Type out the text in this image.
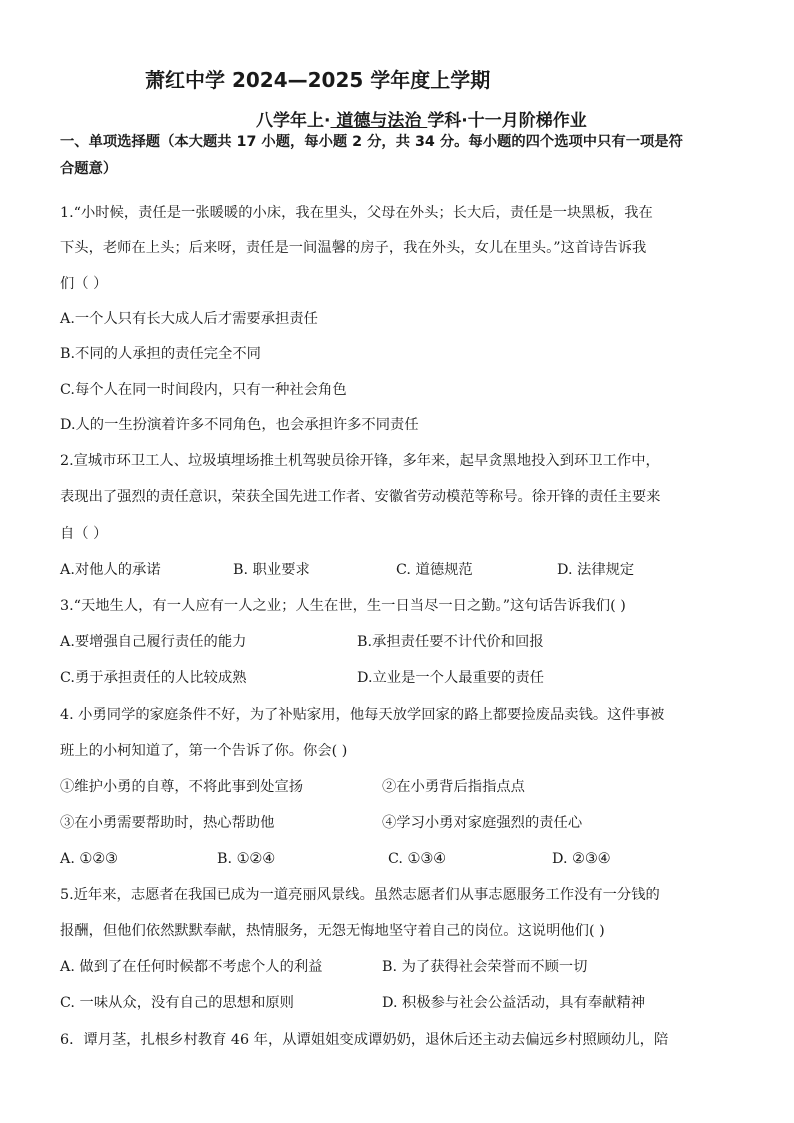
萧红中学 2024—2025 学年度上学期
八学年上· 道德与法治 学科·十一月阶梯作业
一、单项选择题（本大题共 17 小题，每小题 2 分，共 34 分。每小题的四个选项中只有一项是符
合题意）
1.“小时候，责任是一张暖暖的小床，我在里头，父母在外头；长大后，责任是一块黑板，我在
下头，老师在上头；后来呀，责任是一间温馨的房子，我在外头，女儿在里头。”这首诗告诉我
们（ ）
A.一个人只有长大成人后才需要承担责任
B.不同的人承担的责任完全不同
C.每个人在同一时间段内，只有一种社会角色
D.人的一生扮演着许多不同角色，也会承担许多不同责任
2.宣城市环卫工人、垃圾填埋场推土机驾驶员徐开锋，多年来，起早贪黑地投入到环卫工作中，
表现出了强烈的责任意识，荣获全国先进工作者、安徽省劳动模范等称号。徐开锋的责任主要来
自（ ）
A.对他人的承诺	B. 职业要求	C. 道德规范	D. 法律规定
3.“天地生人，有一人应有一人之业；人生在世，生一日当尽一日之勤。”这句话告诉我们( )
A.要增强自己履行责任的能力	B.承担责任要不计代价和回报
C.勇于承担责任的人比较成熟	D.立业是一个人最重要的责任
4. 小勇同学的家庭条件不好，为了补贴家用，他每天放学回家的路上都要捡废品卖钱。这件事被
班上的小柯知道了，第一个告诉了你。你会( )
①维护小勇的自尊，不将此事到处宣扬	②在小勇背后指指点点
③在小勇需要帮助时，热心帮助他	④学习小勇对家庭强烈的责任心
A. ①②③	B. ①②④	C. ①③④	D. ②③④
5.近年来，志愿者在我国已成为一道亮丽风景线。虽然志愿者们从事志愿服务工作没有一分钱的
报酬，但他们依然默默奉献，热情服务，无怨无悔地坚守着自己的岗位。这说明他们( )
A. 做到了在任何时候都不考虑个人的利益	B. 为了获得社会荣誉而不顾一切
C. 一味从众，没有自己的思想和原则	D. 积极参与社会公益活动，具有奉献精神
6．谭月茎，扎根乡村教育 46 年，从谭姐姐变成谭奶奶，退休后还主动去偏远乡村照顾幼儿，陪
